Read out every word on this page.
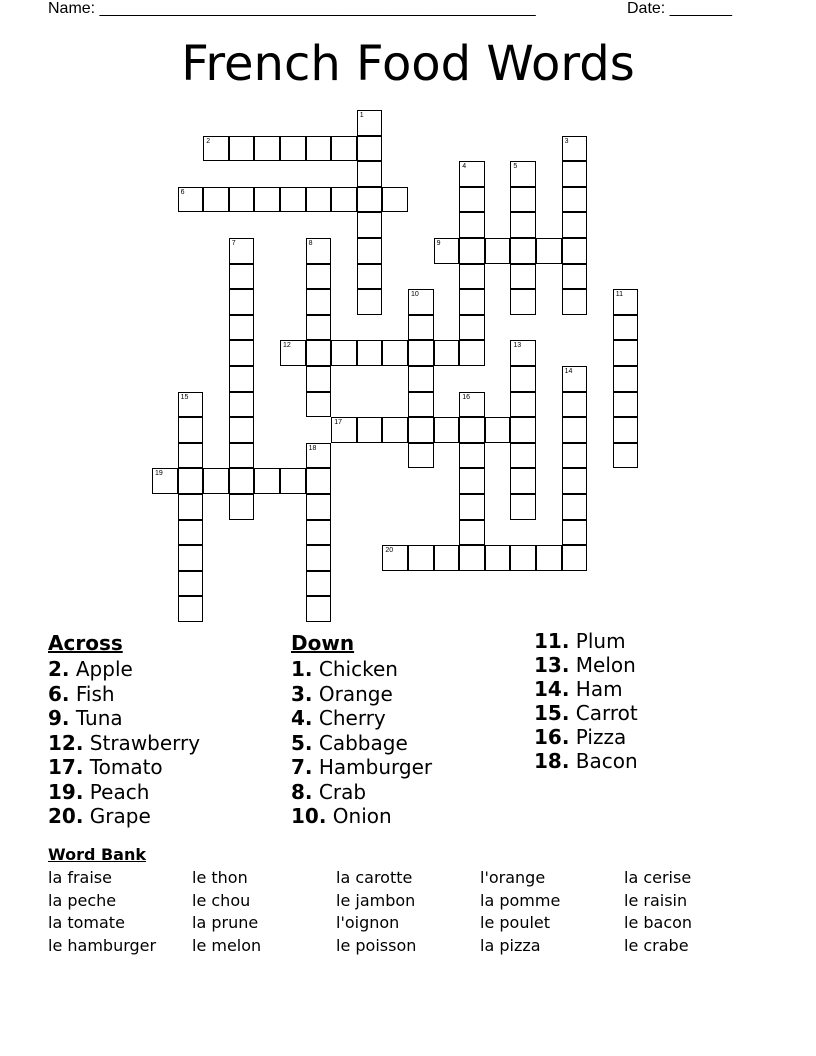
Name: _________________________________________________	Date: _______
French Food Words
1
2	3
4	5
6
7	8	9
10	11
12	13
14
15	16
17
18
19
20
Across
2. Apple
6. Fish
9. Tuna
12. Strawberry
17. Tomato
19. Peach
20. Grape
Down
1. Chicken
3. Orange
4. Cherry
5. Cabbage
7. Hamburger
8. Crab
10. Onion
11. Plum
13. Melon
14. Ham
15. Carrot
16. Pizza
18. Bacon
Word Bank
la fraise
la peche
la tomate
le hamburger
le thon
le chou
la prune
le melon
la carotte
le jambon
l'oignon
le poisson
l'orange
la pomme
le poulet
la pizza
la cerise
le raisin
le bacon
le crabe
